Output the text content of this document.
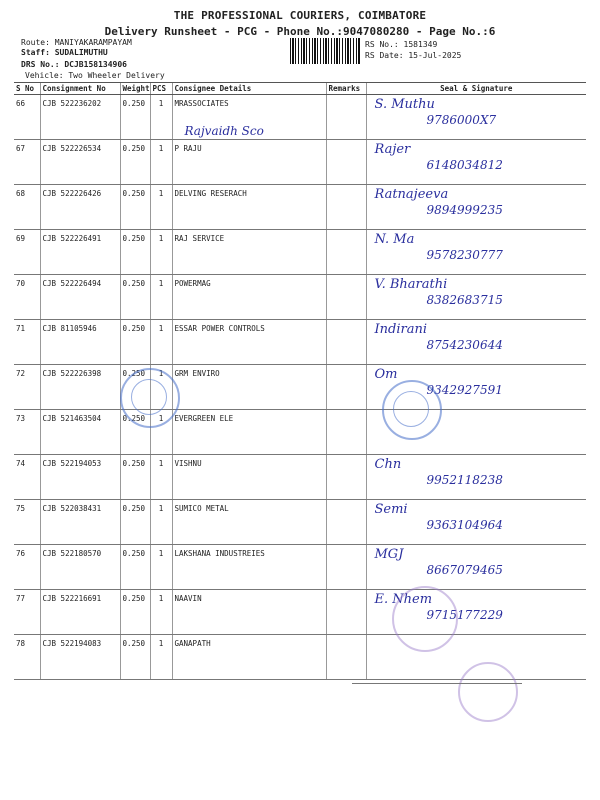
THE PROFESSIONAL COURIERS, COIMBATORE
Delivery Runsheet - PCG - Phone No.:9047080280 - Page No.:6
Route: MANIYAKARAMPAYAM
Staff: SUDALIMUTHU
DRS No.: DCJB158134906
Vehicle: Two Wheeler Delivery
RS No.: 1581349
RS Date: 15-Jul-2025
S No	Consignment No	Weight	PCS	Consignee Details	Remarks	Seal & Signature
66	CJB 522236202	0.250	1	MRASSOCIATES
Rajvaidh Sco		S. Muthu
9786000X7

67	CJB 522226534	0.250	1	P RAJU		Rajer
6148034812

68	CJB 522226426	0.250	1	DELVING RESERACH		Ratnajeeva
9894999235

69	CJB 522226491	0.250	1	RAJ SERVICE		N. Ma
9578230777

70	CJB 522226494	0.250	1	POWERMAG		V. Bharathi
8382683715

71	CJB 81105946	0.250	1	ESSAR POWER CONTROLS		Indirani
8754230644

72	CJB 522226398	0.250	1	GRM ENVIRO		Om
9342927591

73	CJB 521463504	0.250	1	EVERGREEN ELE		

74	CJB 522194053	0.250	1	VISHNU		Chn
9952118238

75	CJB 522038431	0.250	1	SUMICO METAL		Semi
9363104964

76	CJB 522180570	0.250	1	LAKSHANA INDUSTREIES		MGJ
8667079465

77	CJB 522216691	0.250	1	NAAVIN		E. Nhem
9715177229

78	CJB 522194083	0.250	1	GANAPATH		
